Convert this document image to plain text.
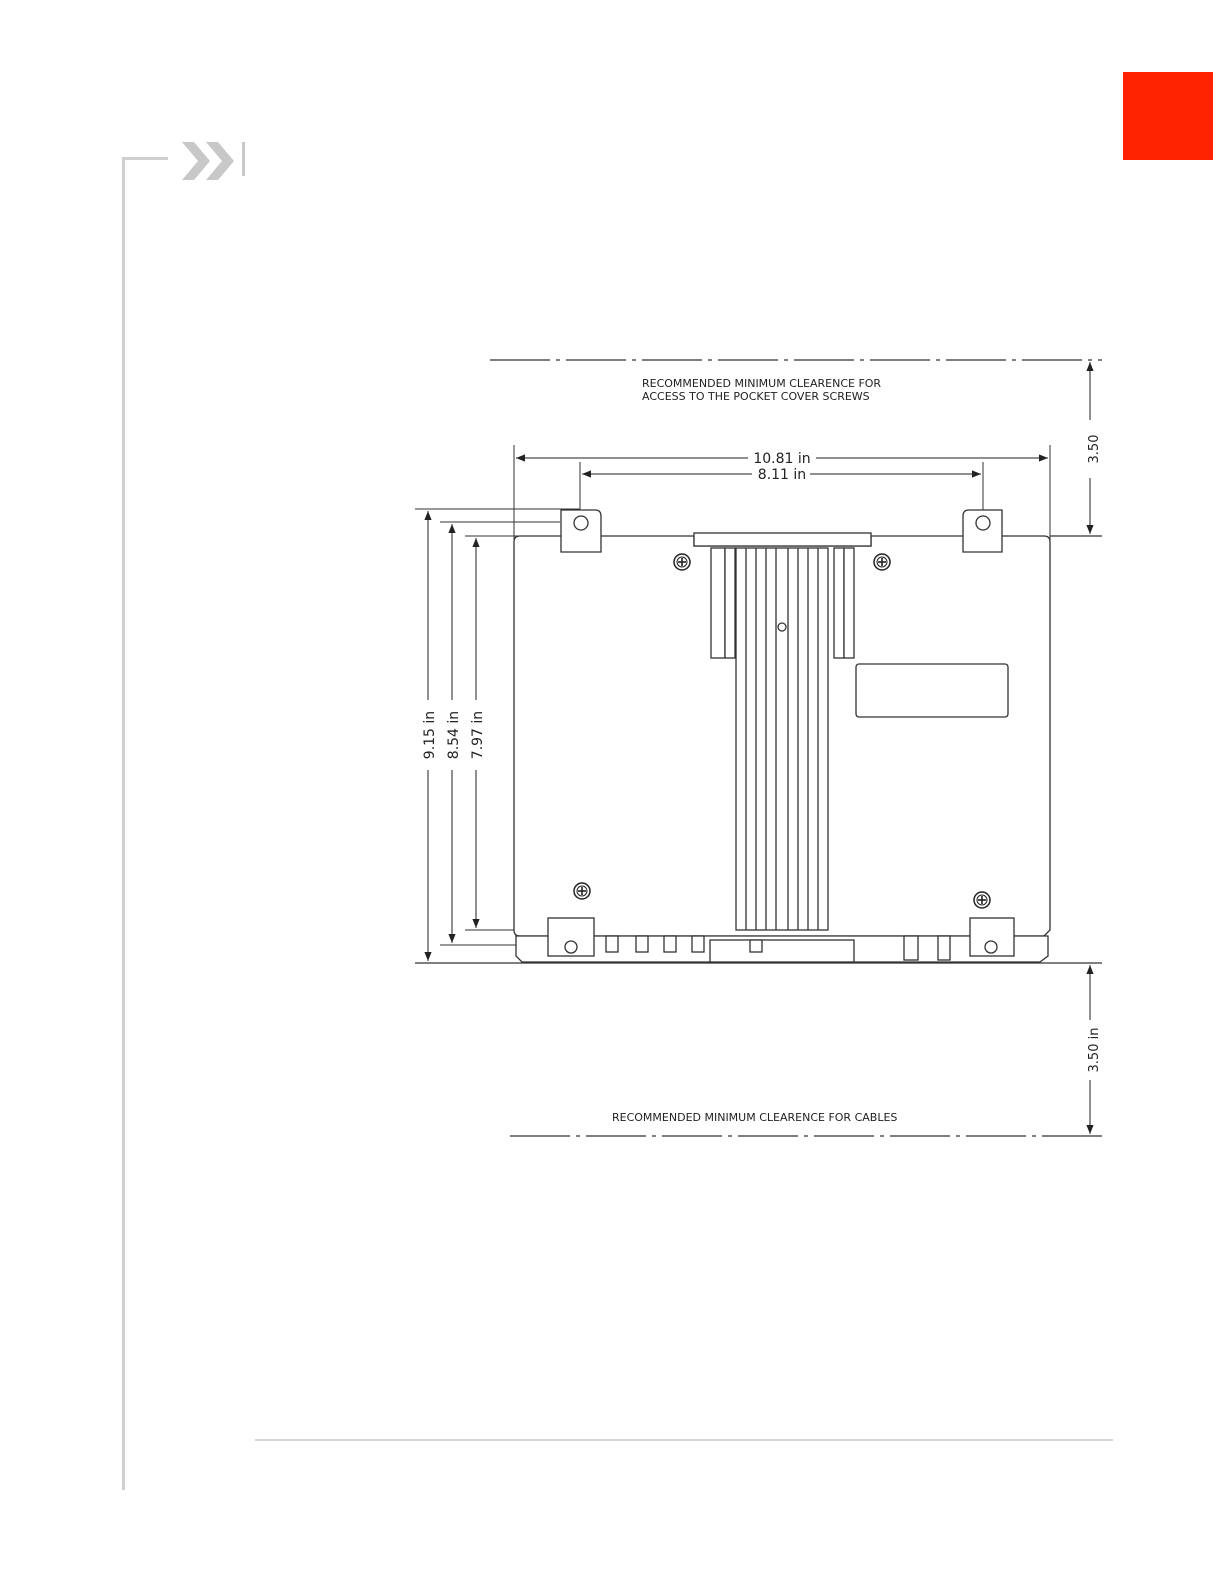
3.50
3.50 in
RECOMMENDED MINIMUM CLEARENCE FOR
ACCESS TO THE POCKET COVER SCREWS
RECOMMENDED MINIMUM CLEARENCE FOR CABLES
10.81 in
8.11 in
9.15 in 8.54 in 7.97 in
